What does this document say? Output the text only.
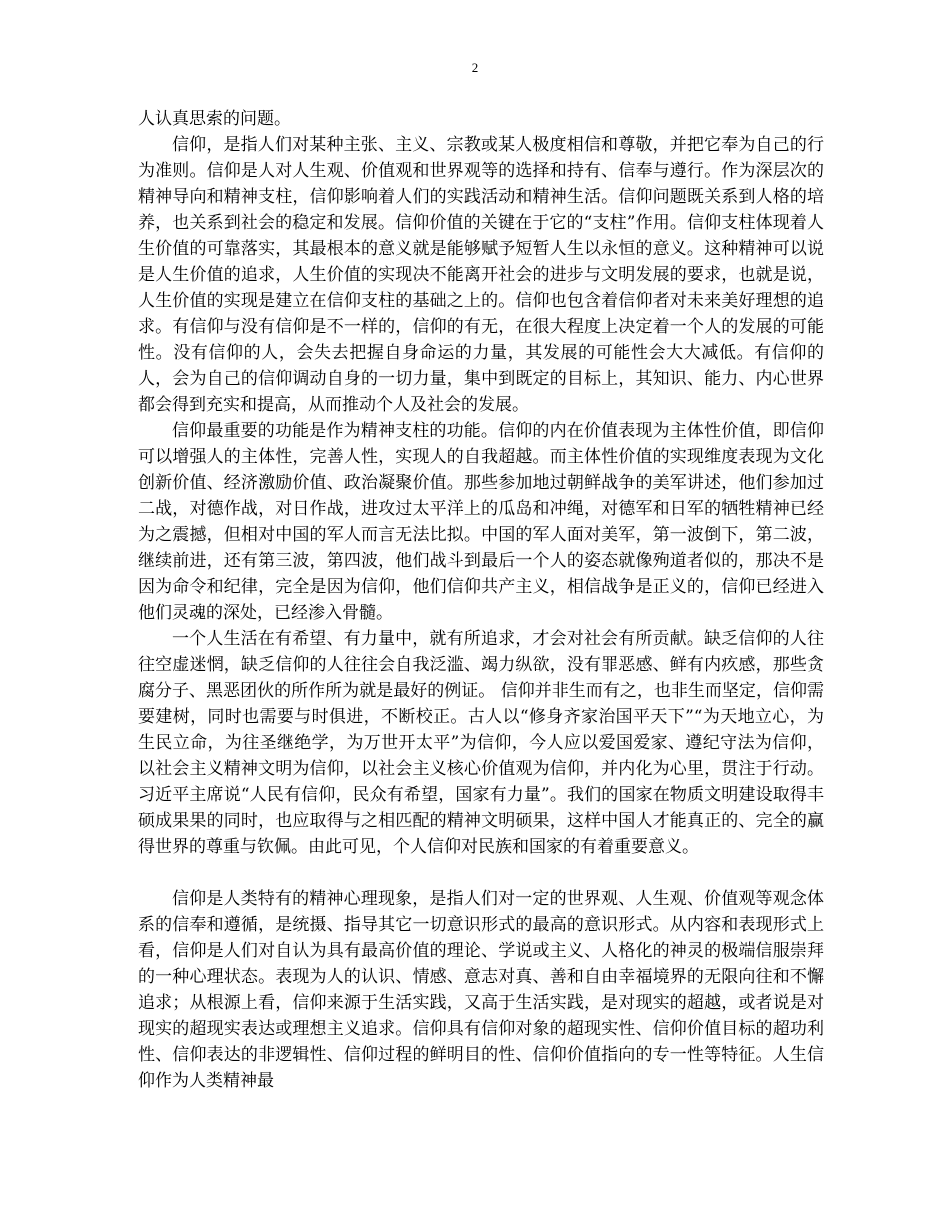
2

人认真思索的问题。

信仰，是指人们对某种主张、主义、宗教或某人极度相信和尊敬，并把它奉为自己的行为准则。信仰是人对人生观、价值观和世界观等的选择和持有、信奉与遵行。作为深层次的精神导向和精神支柱，信仰影响着人们的实践活动和精神生活。信仰问题既关系到人格的培养，也关系到社会的稳定和发展。信仰价值的关键在于它的“支柱”作用。信仰支柱体现着人生价值的可靠落实，其最根本的意义就是能够赋予短暂人生以永恒的意义。这种精神可以说是人生价值的追求，人生价值的实现决不能离开社会的进步与文明发展的要求，也就是说，人生价值的实现是建立在信仰支柱的基础之上的。信仰也包含着信仰者对未来美好理想的追求。有信仰与没有信仰是不一样的，信仰的有无，在很大程度上决定着一个人的发展的可能性。没有信仰的人，会失去把握自身命运的力量，其发展的可能性会大大减低。有信仰的人，会为自己的信仰调动自身的一切力量，集中到既定的目标上，其知识、能力、内心世界都会得到充实和提高，从而推动个人及社会的发展。

信仰最重要的功能是作为精神支柱的功能。信仰的内在价值表现为主体性价值，即信仰可以增强人的主体性，完善人性，实现人的自我超越。而主体性价值的实现维度表现为文化创新价值、经济激励价值、政治凝聚价值。那些参加地过朝鲜战争的美军讲述，他们参加过二战，对德作战，对日作战，进攻过太平洋上的瓜岛和冲绳，对德军和日军的牺牲精神已经为之震撼，但相对中国的军人而言无法比拟。中国的军人面对美军，第一波倒下，第二波，继续前进，还有第三波，第四波，他们战斗到最后一个人的姿态就像殉道者似的，那决不是因为命令和纪律，完全是因为信仰，他们信仰共产主义，相信战争是正义的，信仰已经进入他们灵魂的深处，已经渗入骨髓。

一个人生活在有希望、有力量中，就有所追求，才会对社会有所贡献。缺乏信仰的人往往空虚迷惘，缺乏信仰的人往往会自我泛滥、竭力纵欲，没有罪恶感、鲜有内疚感，那些贪腐分子、黑恶团伙的所作所为就是最好的例证。 信仰并非生而有之，也非生而坚定，信仰需要建树，同时也需要与时俱进，不断校正。古人以“修身齐家治国平天下”“为天地立心，为生民立命，为往圣继绝学，为万世开太平”为信仰，今人应以爱国爱家、遵纪守法为信仰，以社会主义精神文明为信仰，以社会主义核心价值观为信仰，并内化为心里，贯注于行动。习近平主席说“人民有信仰，民众有希望，国家有力量”。我们的国家在物质文明建设取得丰硕成果果的同时，也应取得与之相匹配的精神文明硕果，这样中国人才能真正的、完全的赢得世界的尊重与钦佩。由此可见，个人信仰对民族和国家的有着重要意义。

信仰是人类特有的精神心理现象，是指人们对一定的世界观、人生观、价值观等观念体系的信奉和遵循，是统摄、指导其它一切意识形式的最高的意识形式。从内容和表现形式上看，信仰是人们对自认为具有最高价值的理论、学说或主义、人格化的神灵的极端信服崇拜的一种心理状态。表现为人的认识、情感、意志对真、善和自由幸福境界的无限向往和不懈追求；从根源上看，信仰来源于生活实践，又高于生活实践，是对现实的超越，或者说是对现实的超现实表达或理想主义追求。信仰具有信仰对象的超现实性、信仰价值目标的超功利性、信仰表达的非逻辑性、信仰过程的鲜明目的性、信仰价值指向的专一性等特征。人生信仰作为人类精神最
